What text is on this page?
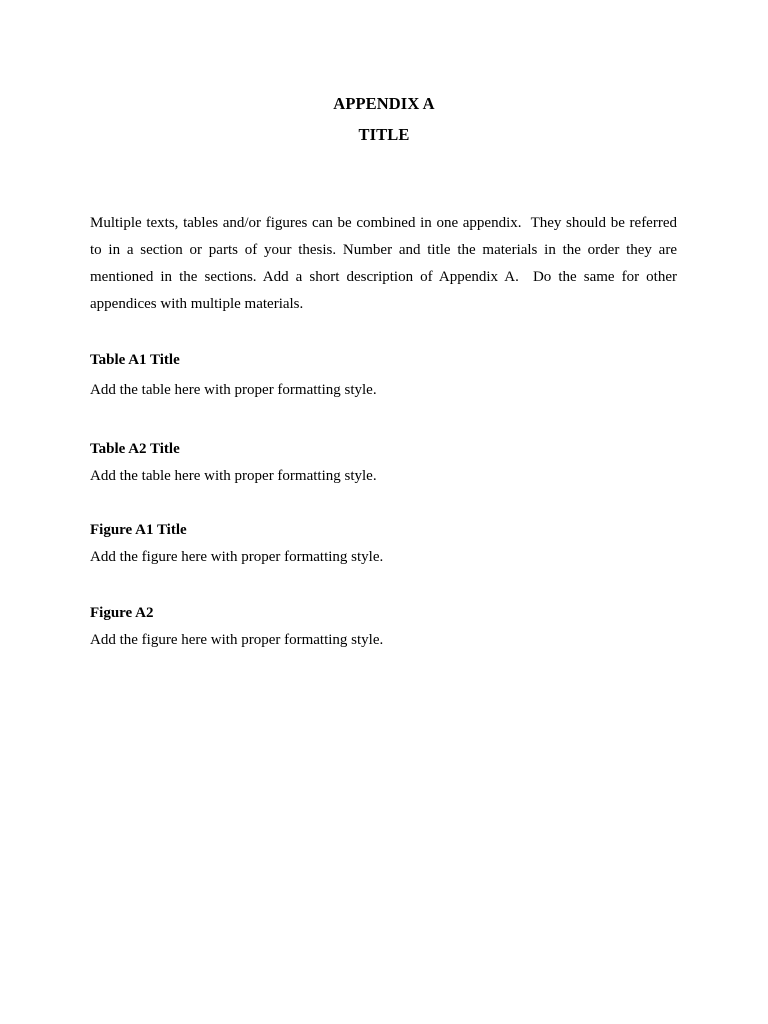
APPENDIX A
TITLE

Multiple texts, tables and/or figures can be combined in one appendix.  They should be referred
to in a section or parts of your thesis. Number and title the materials in the order they are
mentioned in the sections. Add a short description of Appendix A.  Do the same for other
appendices with multiple materials.

Table A1 Title
Add the table here with proper formatting style.
Table A2 Title
Add the table here with proper formatting style.
Figure A1 Title
Add the figure here with proper formatting style.
Figure A2
Add the figure here with proper formatting style.
